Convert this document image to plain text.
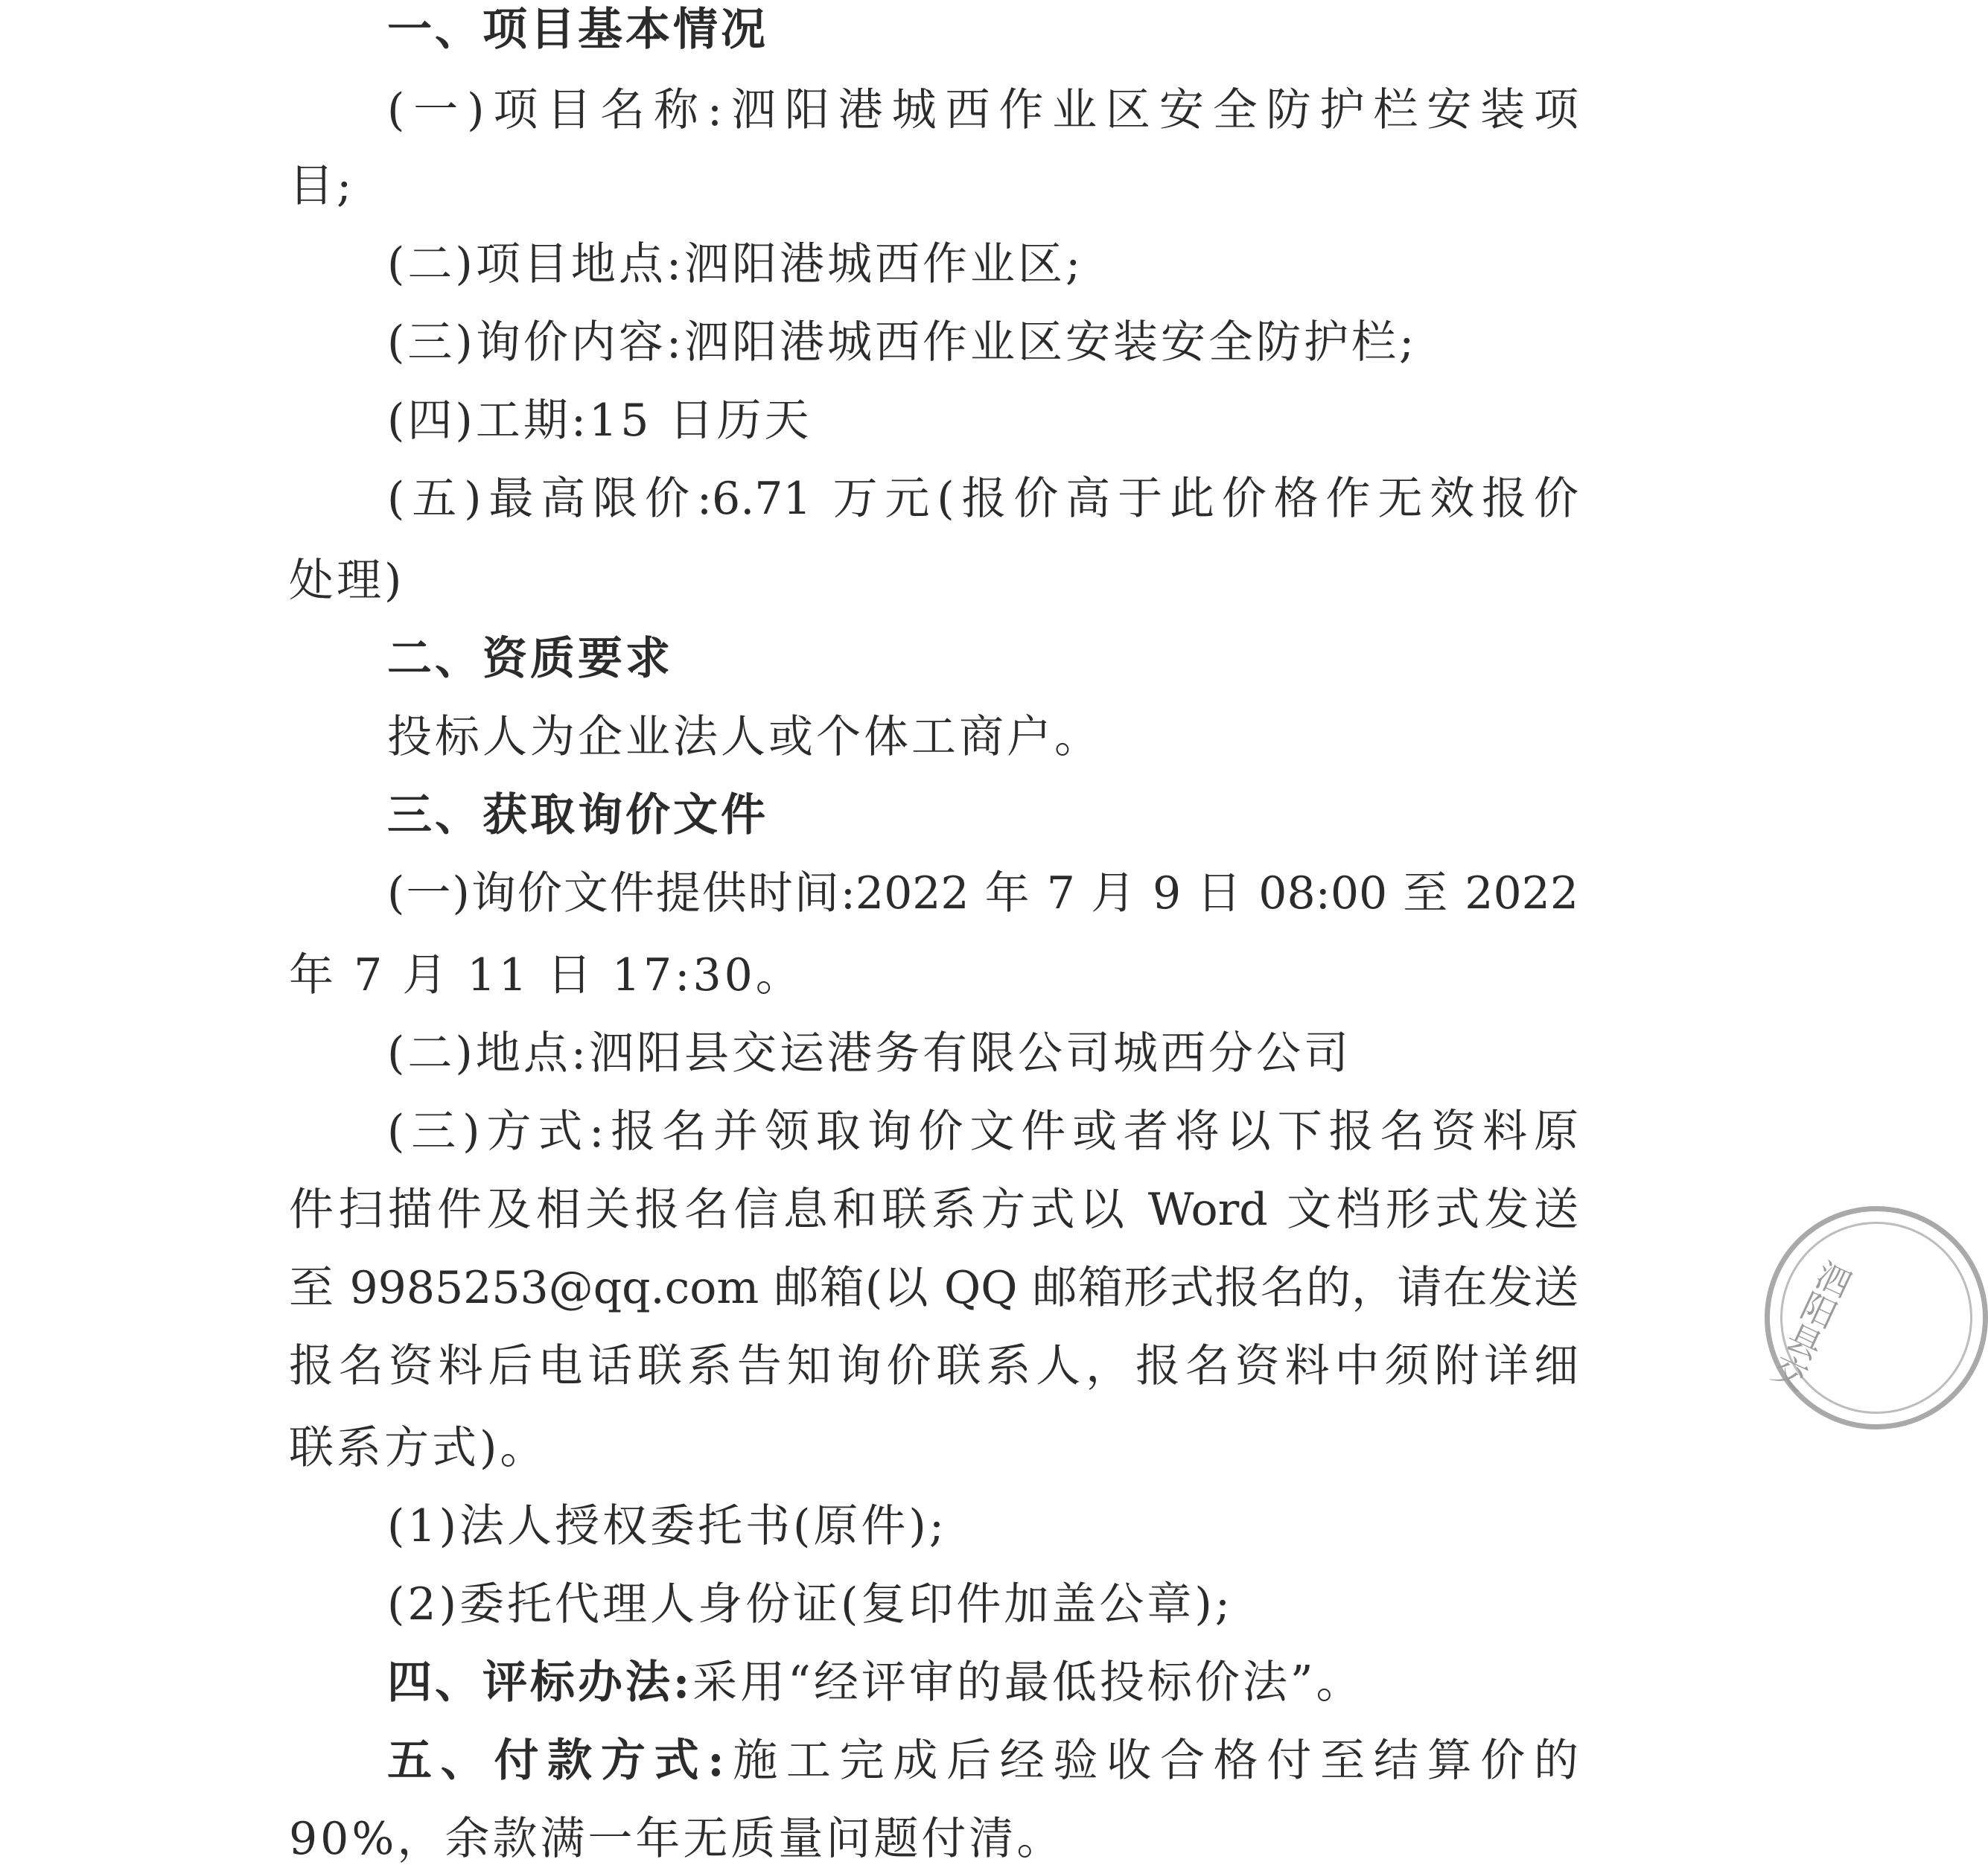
一、项目基本情况
(一)项目名称:泗阳港城西作业区安全防护栏安装项
目;
(二)项目地点:泗阳港城西作业区;
(三)询价内容:泗阳港城西作业区安装安全防护栏;
(四)工期:15 日历天
(五)最高限价:6.71 万元(报价高于此价格作无效报价
处理)
二、资质要求
投标人为企业法人或个体工商户。
三、获取询价文件
(一)询价文件提供时间:2022 年 7 月 9 日 08:00 至 2022
年 7 月 11 日 17:30。
(二)地点:泗阳县交运港务有限公司城西分公司
(三)方式:报名并领取询价文件或者将以下报名资料原
件扫描件及相关报名信息和联系方式以 Word 文档形式发送
至 9985253@qq.com 邮箱(以 QQ 邮箱形式报名的，请在发送
报名资料后电话联系告知询价联系人，报名资料中须附详细
联系方式)。
(1)法人授权委托书(原件);
(2)委托代理人身份证(复印件加盖公章);
四、评标办法:采用“经评审的最低投标价法”。
五、付款方式:施工完成后经验收合格付至结算价的
90%，余款满一年无质量问题付清。
泗阳县交
